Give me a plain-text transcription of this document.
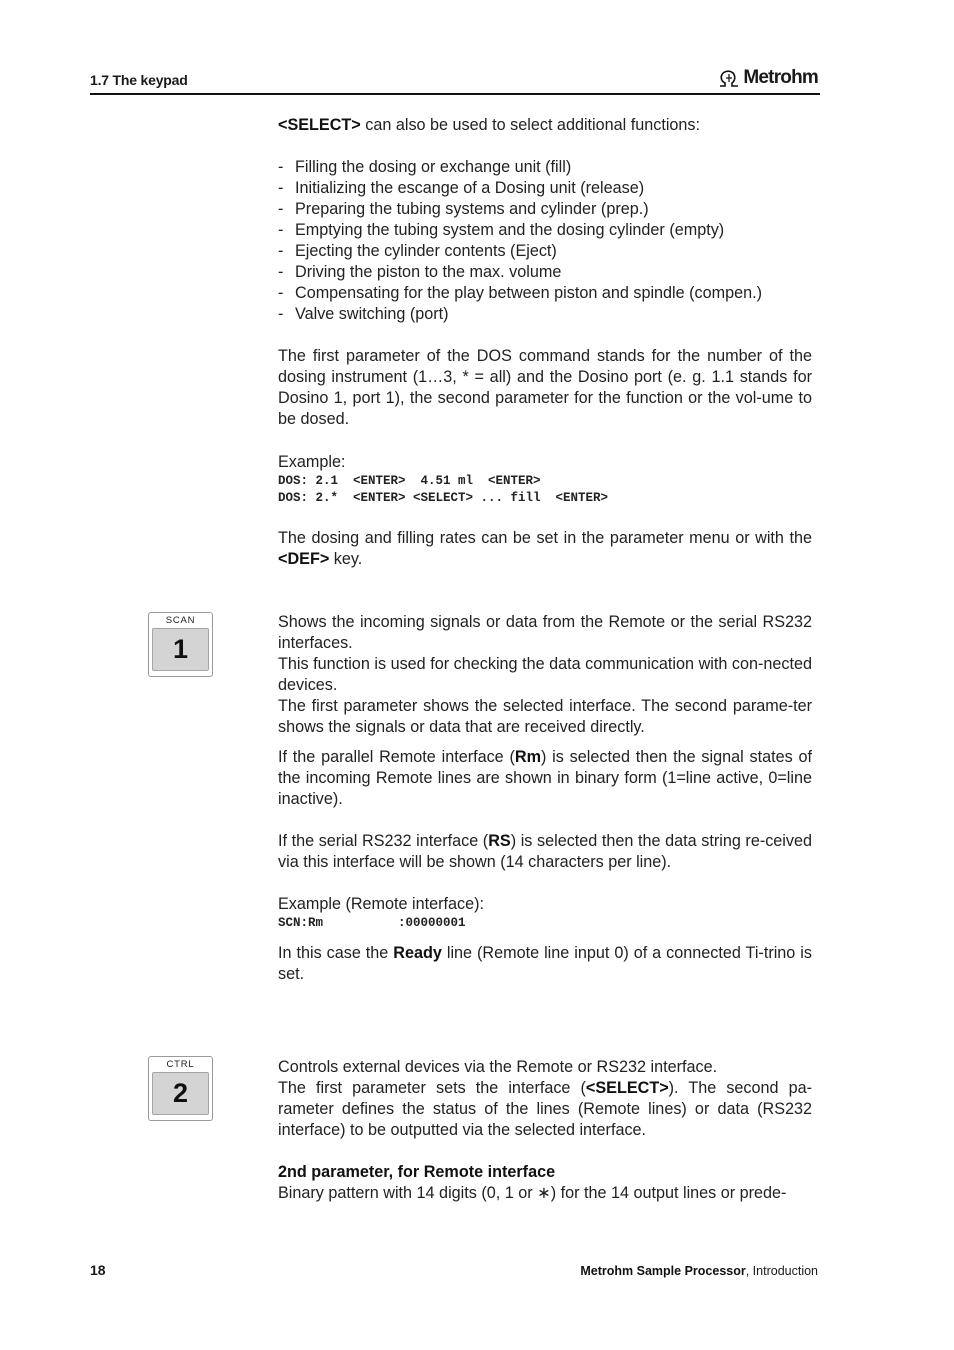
1.7 The keypad	Metrohm

<SELECT> can also be used to select additional functions:

- Filling the dosing or exchange unit (fill)
- Initializing the escange of a Dosing unit (release)
- Preparing the tubing systems and cylinder (prep.)
- Emptying the tubing system and the dosing cylinder (empty)
- Ejecting the cylinder contents (Eject)
- Driving the piston to the max. volume
- Compensating for the play between piston and spindle (compen.)
- Valve switching (port)
The first parameter of the DOS command stands for the number of the dosing instrument (1…3, * = all) and the Dosino port (e. g. 1.1 stands for Dosino 1, port 1), the second parameter for the function or the vol-ume to be dosed.

Example:

DOS: 2.1  <ENTER>  4.51 ml  <ENTER>
DOS: 2.*  <ENTER> <SELECT> ... fill  <ENTER>
The dosing and filling rates can be set in the parameter menu or with the <DEF> key.
SCAN
1

Shows the incoming signals or data from the Remote or the serial RS232 interfaces.

This function is used for checking the data communication with con-nected devices.

The first parameter shows the selected interface. The second parame-ter shows the signals or data that are received directly.

If the parallel Remote interface (Rm) is selected then the signal states of the incoming Remote lines are shown in binary form (1=line active, 0=line inactive).

If the serial RS232 interface (RS) is selected then the data string re-ceived via this interface will be shown (14 characters per line).

Example (Remote interface):

SCN:Rm          :00000001

In this case the Ready line (Remote line input 0) of a connected Ti-trino is set.

CTRL
2

Controls external devices via the Remote or RS232 interface.

The first parameter sets the interface (<SELECT>). The second pa-rameter defines the status of the lines (Remote lines) or data (RS232 interface) to be outputted via the selected interface.

2nd parameter, for Remote interface

Binary pattern with 14 digits (0, 1 or ∗) for the 14 output lines or prede-

18	Metrohm Sample Processor, Introduction
